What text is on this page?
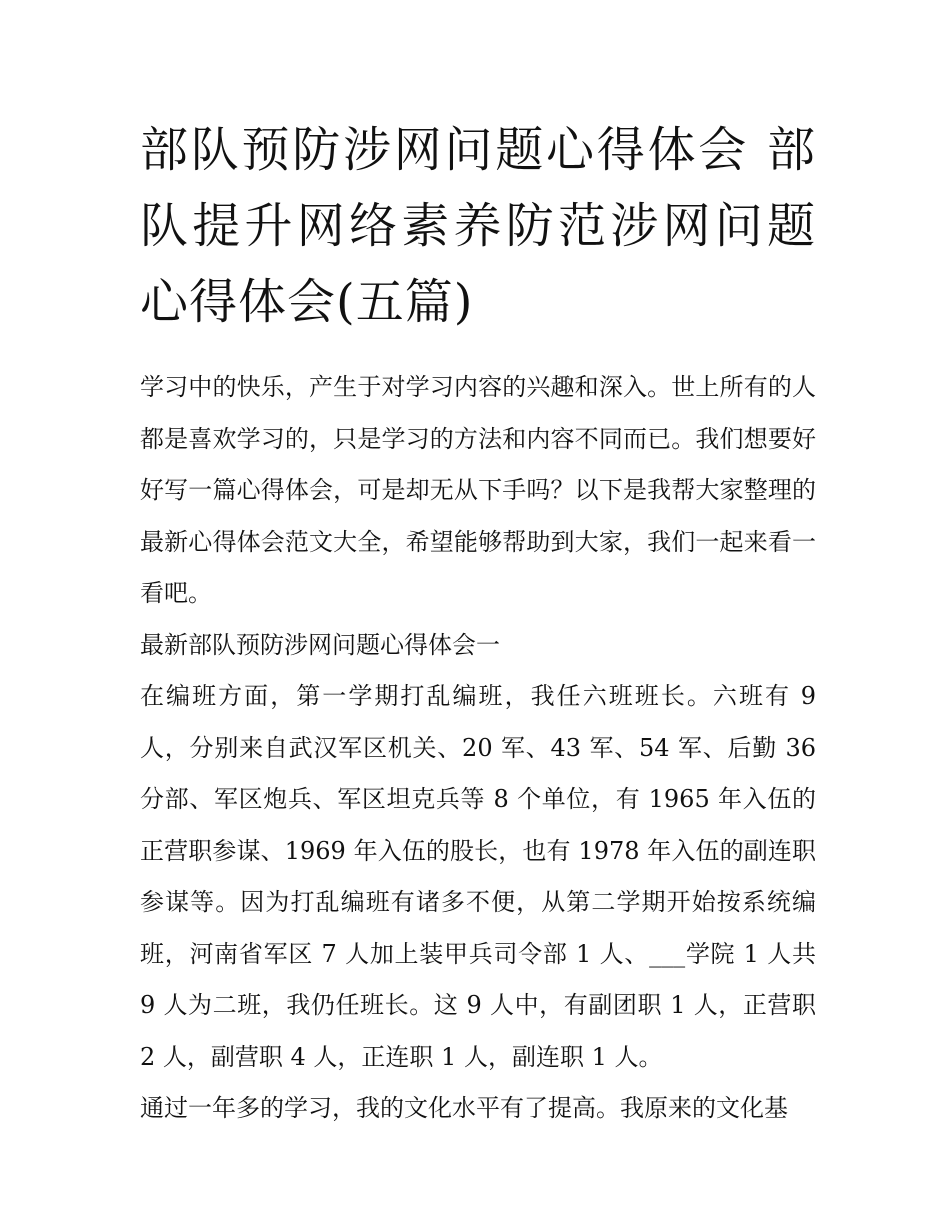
部队预防涉网问题心得体会 部队提升网络素养防范涉网问题心得体会(五篇)

学习中的快乐，产生于对学习内容的兴趣和深入。世上所有的人都是喜欢学习的，只是学习的方法和内容不同而已。我们想要好好写一篇心得体会，可是却无从下手吗？以下是我帮大家整理的最新心得体会范文大全，希望能够帮助到大家，我们一起来看一看吧。

最新部队预防涉网问题心得体会一

在编班方面，第一学期打乱编班，我任六班班长。六班有 9 人，分别来自武汉军区机关、20 军、43 军、54 军、后勤 36 分部、军区炮兵、军区坦克兵等 8 个单位，有 1965 年入伍的正营职参谋、1969 年入伍的股长，也有 1978 年入伍的副连职参谋等。因为打乱编班有诸多不便，从第二学期开始按系统编班，河南省军区 7 人加上装甲兵司令部 1 人、___学院 1 人共 9 人为二班，我仍任班长。这 9 人中，有副团职 1 人，正营职 2 人，副营职 4 人，正连职 1 人，副连职 1 人。

通过一年多的学习，我的文化水平有了提高。我原来的文化基
